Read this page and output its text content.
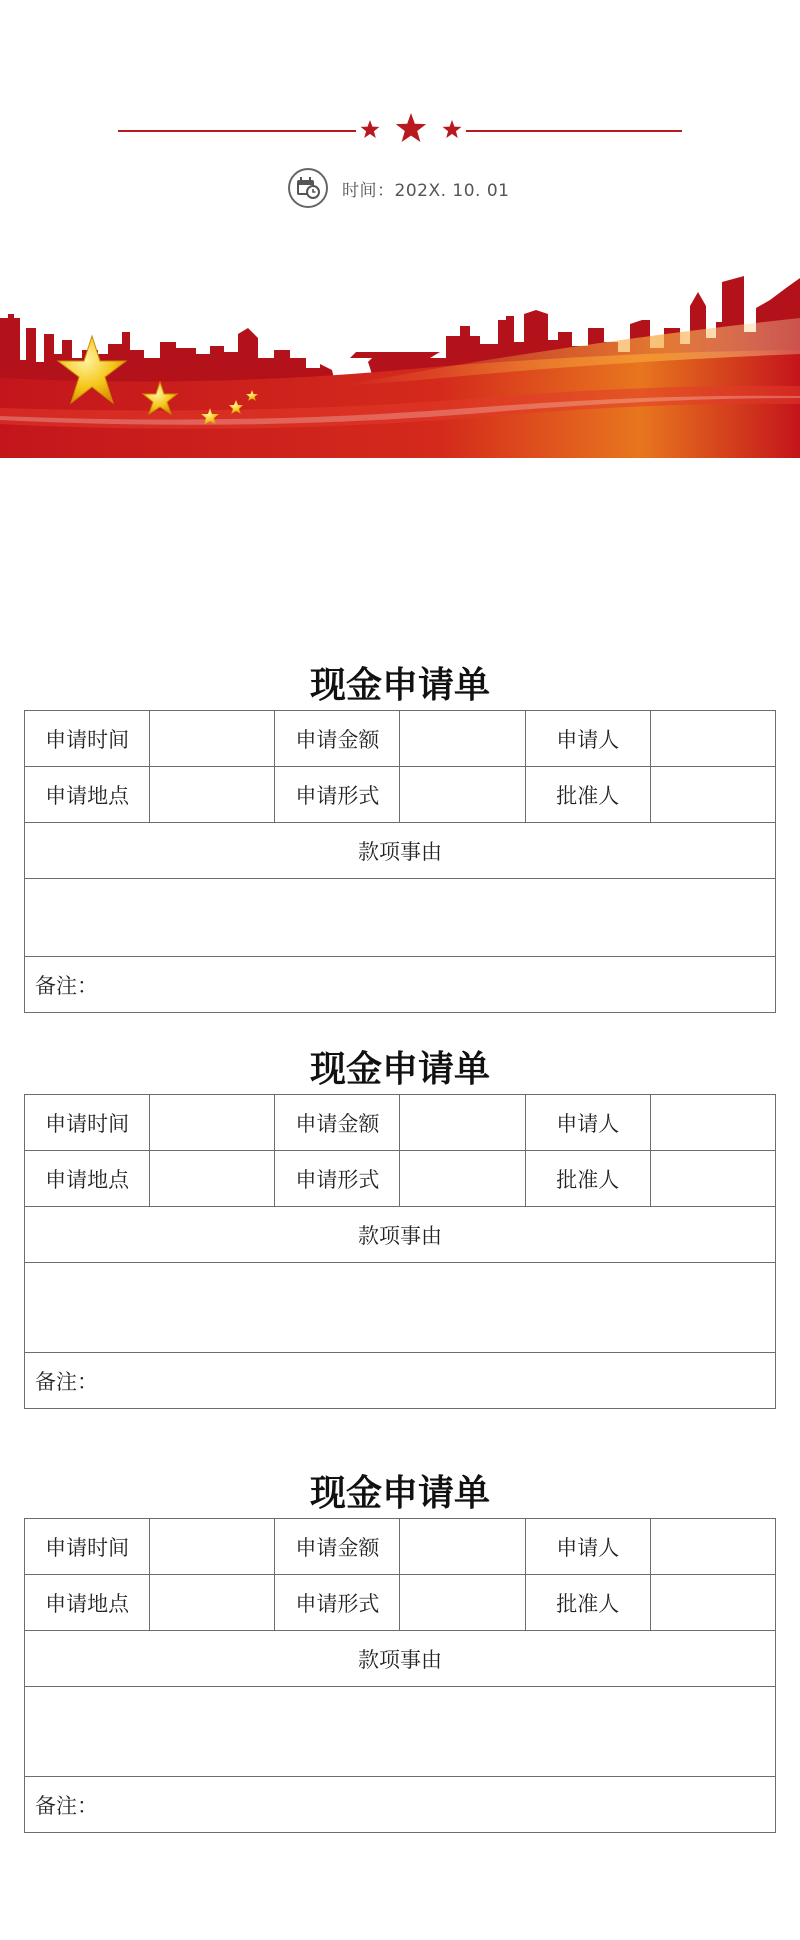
时间：202X. 10. 01
现金申请单
申请时间		申请金额		申请人	
申请地点		申请形式		批准人	
款项事由					

备注：					
现金申请单
申请时间		申请金额		申请人	
申请地点		申请形式		批准人	
款项事由					

备注：					
现金申请单
申请时间		申请金额		申请人	
申请地点		申请形式		批准人	
款项事由					

备注：					
